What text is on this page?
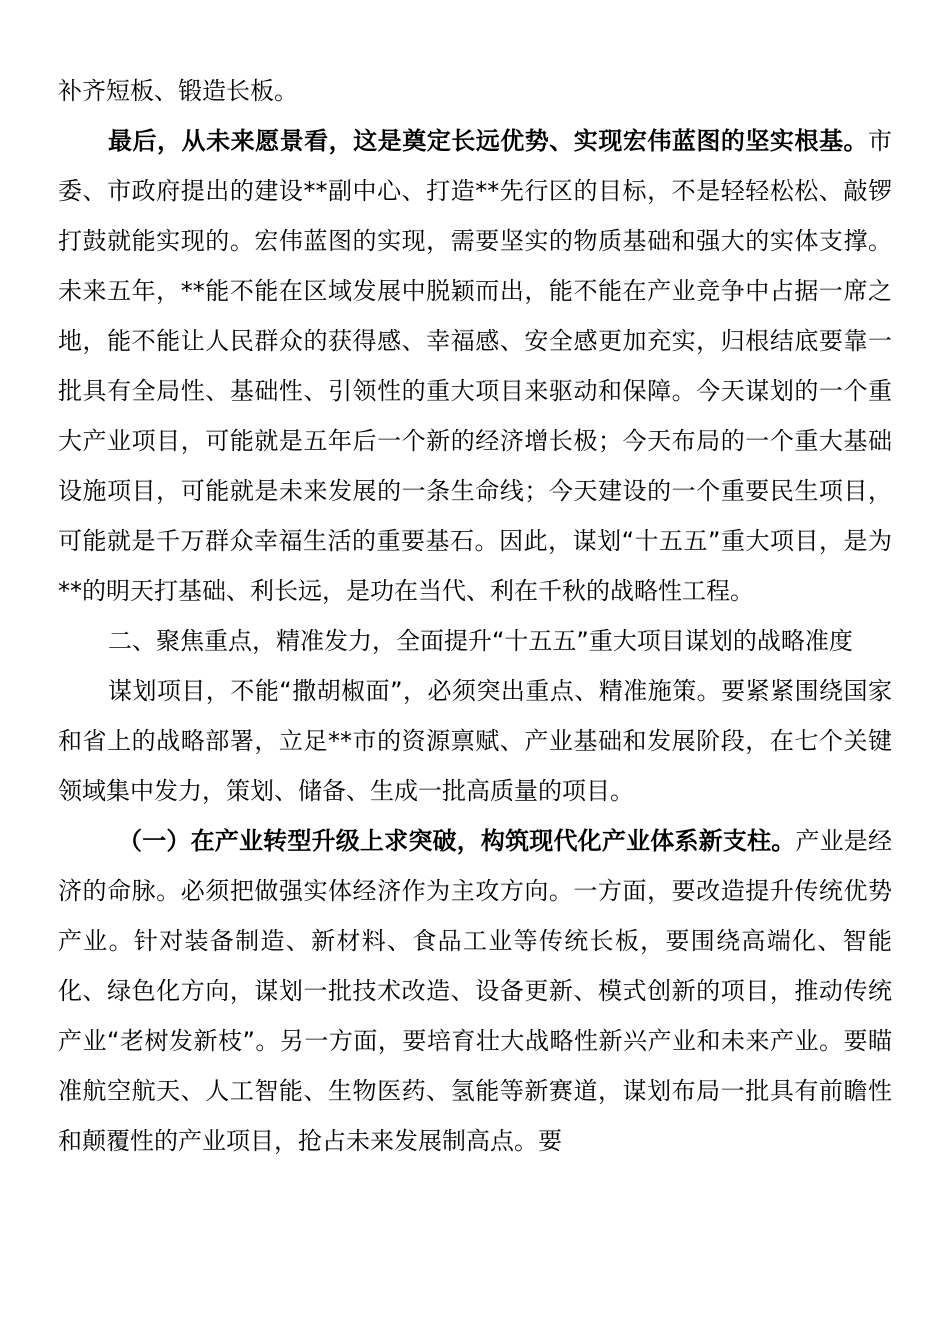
补齐短板、锻造长板。

最后，从未来愿景看，这是奠定长远优势、实现宏伟蓝图的坚实根基。市委、市政府提出的建设**副中心、打造**先行区的目标，不是轻轻松松、敲锣打鼓就能实现的。宏伟蓝图的实现，需要坚实的物质基础和强大的实体支撑。未来五年，**能不能在区域发展中脱颖而出，能不能在产业竞争中占据一席之地，能不能让人民群众的获得感、幸福感、安全感更加充实，归根结底要靠一批具有全局性、基础性、引领性的重大项目来驱动和保障。今天谋划的一个重大产业项目，可能就是五年后一个新的经济增长极；今天布局的一个重大基础设施项目，可能就是未来发展的一条生命线；今天建设的一个重要民生项目，可能就是千万群众幸福生活的重要基石。因此，谋划“十五五”重大项目，是为**的明天打基础、利长远，是功在当代、利在千秋的战略性工程。

二、聚焦重点，精准发力，全面提升“十五五”重大项目谋划的战略准度

谋划项目，不能“撒胡椒面”，必须突出重点、精准施策。要紧紧围绕国家和省上的战略部署，立足**市的资源禀赋、产业基础和发展阶段，在七个关键领域集中发力，策划、储备、生成一批高质量的项目。

（一）在产业转型升级上求突破，构筑现代化产业体系新支柱。产业是经济的命脉。必须把做强实体经济作为主攻方向。一方面，要改造提升传统优势产业。针对装备制造、新材料、食品工业等传统长板，要围绕高端化、智能化、绿色化方向，谋划一批技术改造、设备更新、模式创新的项目，推动传统产业“老树发新枝”。另一方面，要培育壮大战略性新兴产业和未来产业。要瞄准航空航天、人工智能、生物医药、氢能等新赛道，谋划布局一批具有前瞻性和颠覆性的产业项目，抢占未来发展制高点。要
